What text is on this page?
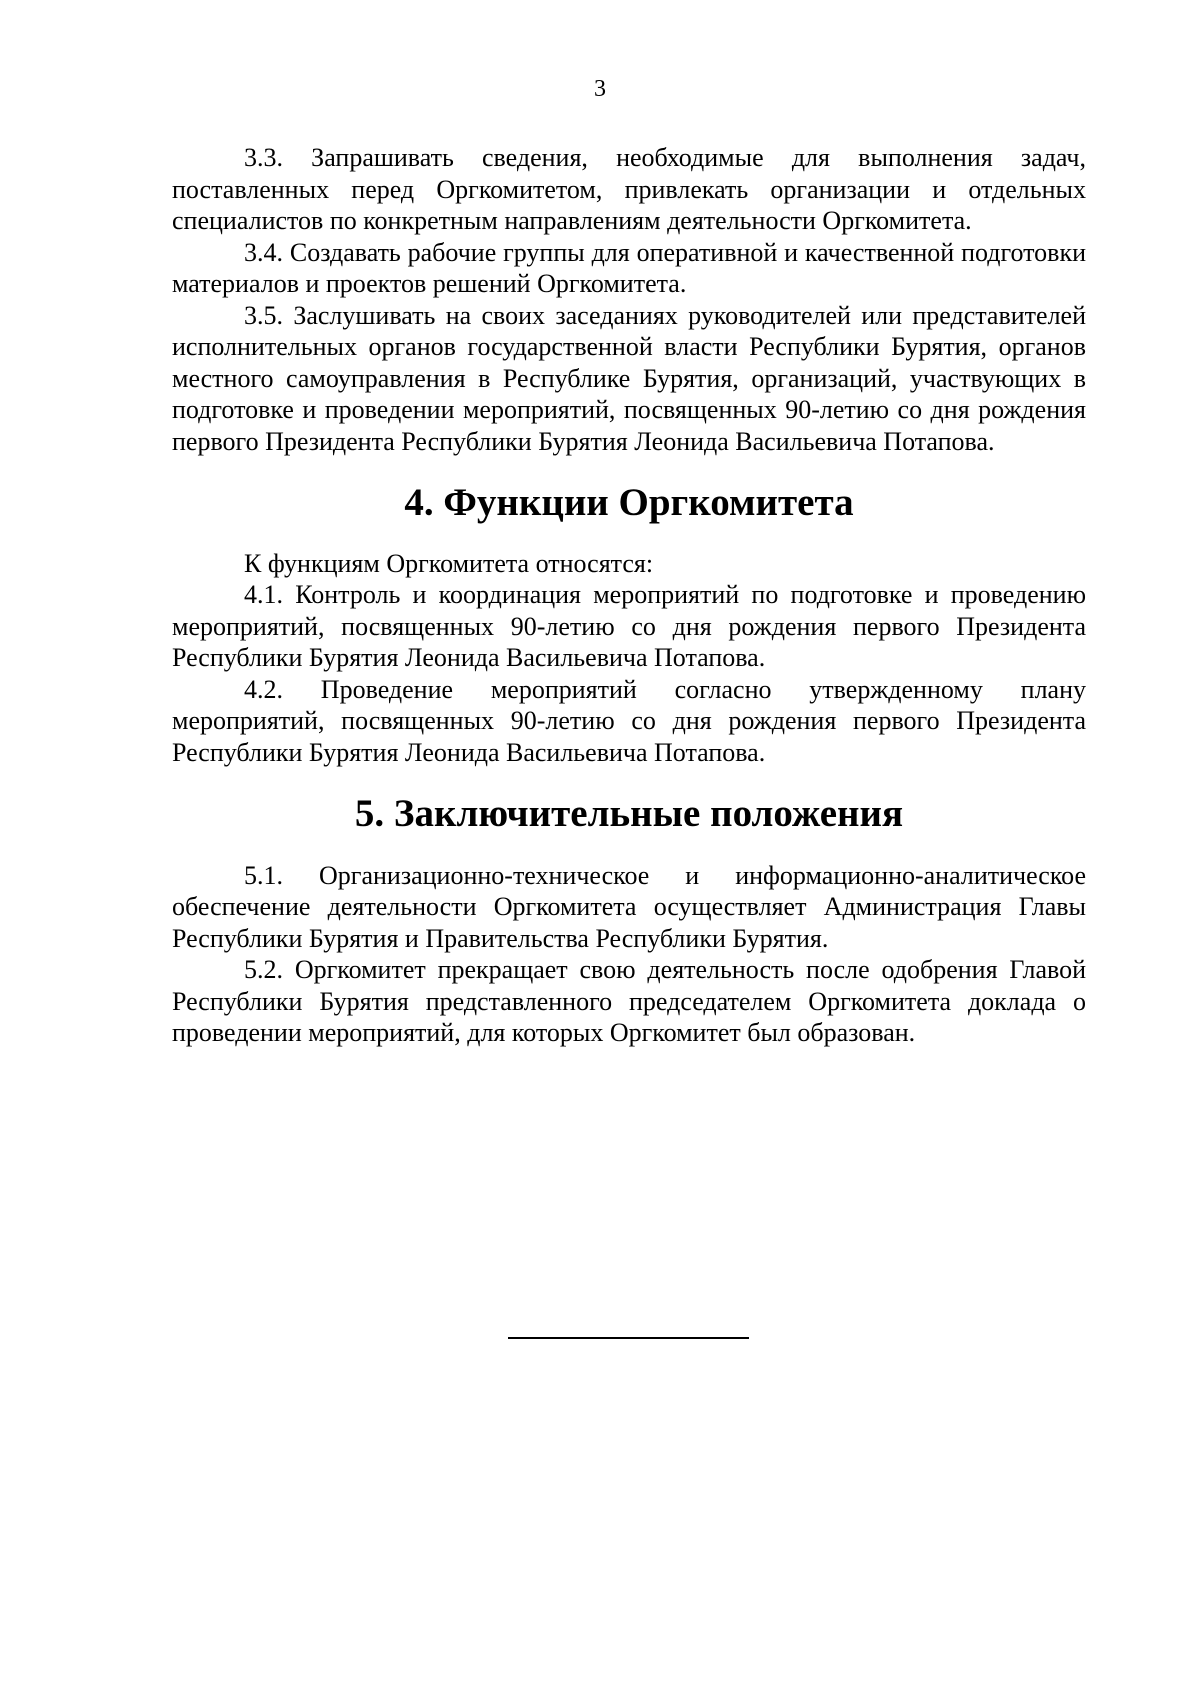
3

3.3. Запрашивать сведения, необходимые для выполнения задач, поставленных перед Оргкомитетом, привлекать организации и отдельных специалистов по конкретным направлениям деятельности Оргкомитета.

3.4. Создавать рабочие группы для оперативной и качественной подготовки материалов и проектов решений Оргкомитета.

3.5. Заслушивать на своих заседаниях руководителей или представителей исполнительных органов государственной власти Республики Бурятия, органов местного самоуправления в Республике Бурятия, организаций, участвующих в подготовке и проведении мероприятий, посвященных 90-летию со дня рождения первого Президента Республики Бурятия Леонида Васильевича Потапова.

4. Функции Оргкомитета

К функциям Оргкомитета относятся:

4.1. Контроль и координация мероприятий по подготовке и проведению мероприятий, посвященных 90-летию со дня рождения первого Президента Республики Бурятия Леонида Васильевича Потапова.

4.2. Проведение мероприятий согласно утвержденному плану мероприятий, посвященных 90-летию со дня рождения первого Президента Республики Бурятия Леонида Васильевича Потапова.

5. Заключительные положения

5.1. Организационно-техническое и информационно-аналитическое обеспечение деятельности Оргкомитета осуществляет Администрация Главы Республики Бурятия и Правительства Республики Бурятия.

5.2. Оргкомитет прекращает свою деятельность после одобрения Главой Республики Бурятия представленного председателем Оргкомитета доклада о проведении мероприятий, для которых Оргкомитет был образован.
